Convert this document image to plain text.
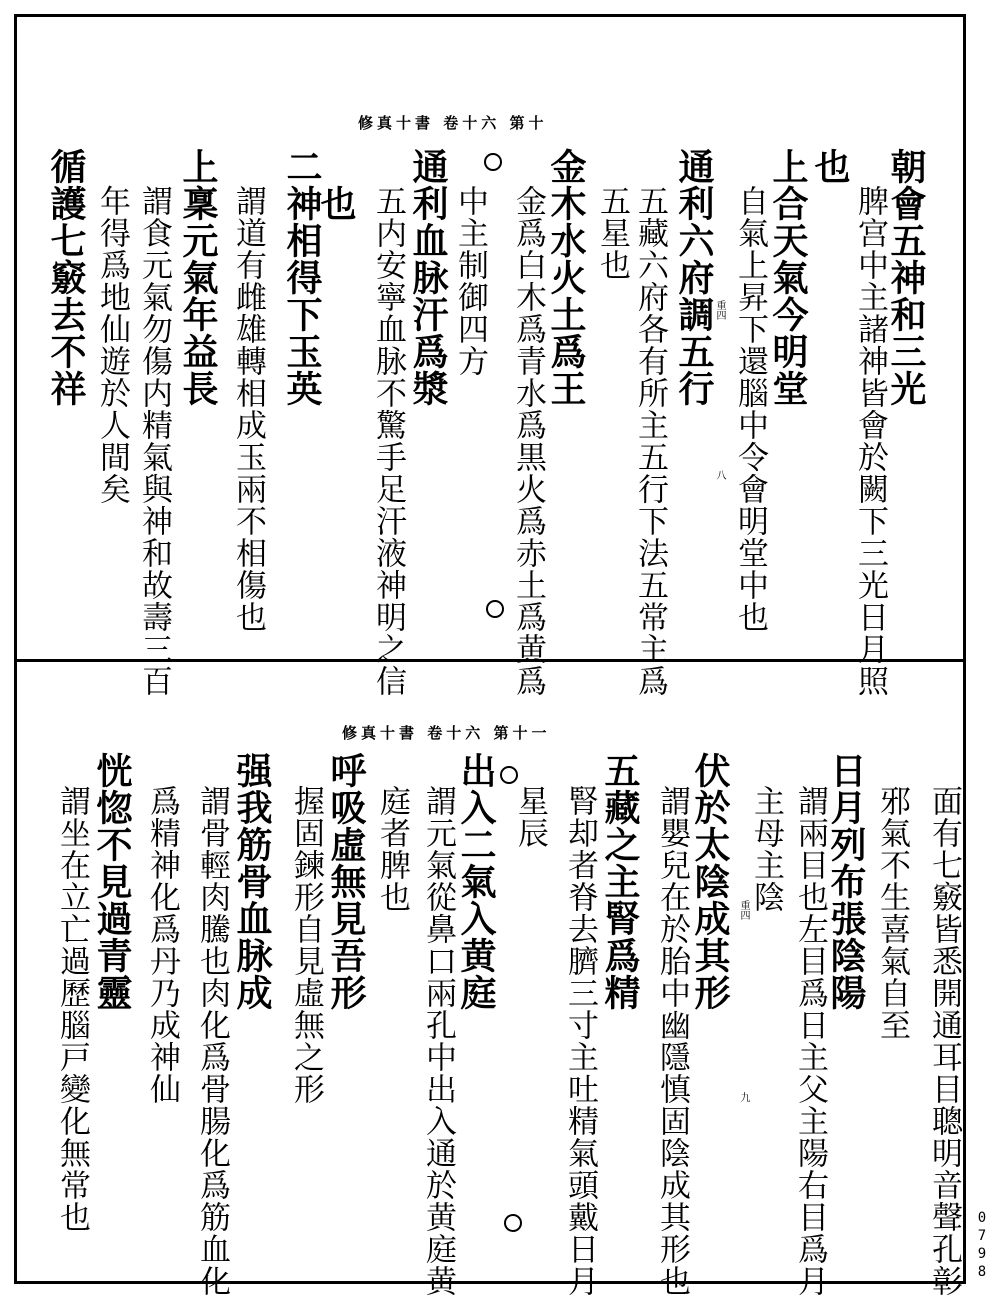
修真十書 卷十六 第十
朝會五神和三光
脾宫中主諸神皆會於闕下三光日月照
也
上合天氣今明堂
自氣上昇下還腦中令會明堂中也
通利六府調五行
五藏六府各有所主五行下法五常主爲
五星也
金木水火土爲王
金爲白木爲青水爲黒火爲赤土爲黄爲
中主制御四方
通利血脉汗爲漿
五内安寧血脉不驚手足汗液神明之信
也
二神相得下玉英
謂道有雌雄轉相成玉兩不相傷也
上稟元氣年益長
謂食元氣勿傷内精氣與神和故壽三百
年得爲地仙遊於人間矣
循護七竅去不祥	重四
八
修真十書 卷十六 第十一
面有七竅皆悉開通耳目聰明音聲孔彰
邪氣不生喜氣自至
日月列布張陰陽
謂兩目也左目爲日主父主陽右目爲月
主母主陰
伏於太陰成其形
謂嬰兒在於胎中幽隱慎固陰成其形也
五藏之主腎爲精
腎却者脊去臍三寸主吐精氣頭戴日月
星辰
出入二氣入黄庭
謂元氣從鼻口兩孔中出入通於黄庭黄
庭者脾也
呼吸虛無見吾形
握固鍊形自見虛無之形
强我筋骨血脉成
謂骨輕肉騰也肉化爲骨腸化爲筋血化
爲精神化爲丹乃成神仙
恍惚不見過青靈
謂坐在立亡過歷腦戸變化無常也	重四
九
0798
